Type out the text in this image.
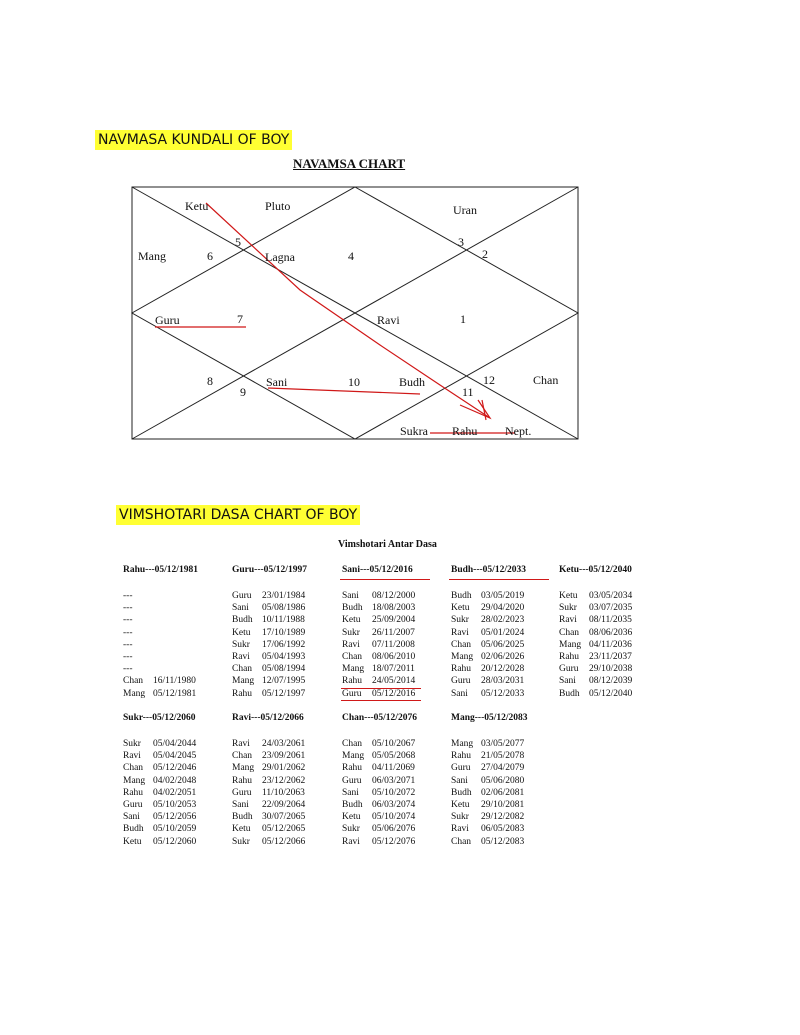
NAVMASA KUNDALI OF BOY
NAVAMSA CHART
Ketu	Pluto	Uran
5	3
Mang	6	Lagna	4	2
Guru	7	Ravi	1
8	Sani	10	Budh	12	Chan
9	11
Sukra Rahu Nept.
VIMSHOTARI DASA CHART OF BOY
Vimshotari Antar Dasa
Rahu---05/12/1981
---
---
---
---
---
---
---
Chan 16/11/1980
Mang 05/12/1981
Guru---05/12/1997
Guru 23/01/1984
Sani 05/08/1986
Budh 10/11/1988
Ketu 17/10/1989
Sukr 17/06/1992
Ravi 05/04/1993
Chan 05/08/1994
Mang 12/07/1995
Rahu 05/12/1997
Sani---05/12/2016
Sani 08/12/2000
Budh 18/08/2003
Ketu 25/09/2004
Sukr 26/11/2007
Ravi 07/11/2008
Chan 08/06/2010
Mang 18/07/2011
Rahu 24/05/2014
Guru 05/12/2016
Budh---05/12/2033
Budh 03/05/2019
Ketu 29/04/2020
Sukr 28/02/2023
Ravi 05/01/2024
Chan 05/06/2025
Mang 02/06/2026
Rahu 20/12/2028
Guru 28/03/2031
Sani 05/12/2033
Ketu---05/12/2040
Ketu 03/05/2034
Sukr 03/07/2035
Ravi 08/11/2035
Chan 08/06/2036
Mang 04/11/2036
Rahu 23/11/2037
Guru 29/10/2038
Sani 08/12/2039
Budh 05/12/2040
Sukr---05/12/2060
Sukr 05/04/2044
Ravi 05/04/2045
Chan 05/12/2046
Mang 04/02/2048
Rahu 04/02/2051
Guru 05/10/2053
Sani 05/12/2056
Budh 05/10/2059
Ketu 05/12/2060
Ravi---05/12/2066
Ravi 24/03/2061
Chan 23/09/2061
Mang 29/01/2062
Rahu 23/12/2062
Guru 11/10/2063
Sani 22/09/2064
Budh 30/07/2065
Ketu 05/12/2065
Sukr 05/12/2066
Chan---05/12/2076
Chan 05/10/2067
Mang 05/05/2068
Rahu 04/11/2069
Guru 06/03/2071
Sani 05/10/2072
Budh 06/03/2074
Ketu 05/10/2074
Sukr 05/06/2076
Ravi 05/12/2076
Mang---05/12/2083
Mang 03/05/2077
Rahu 21/05/2078
Guru 27/04/2079
Sani 05/06/2080
Budh 02/06/2081
Ketu 29/10/2081
Sukr 29/12/2082
Ravi 06/05/2083
Chan 05/12/2083
